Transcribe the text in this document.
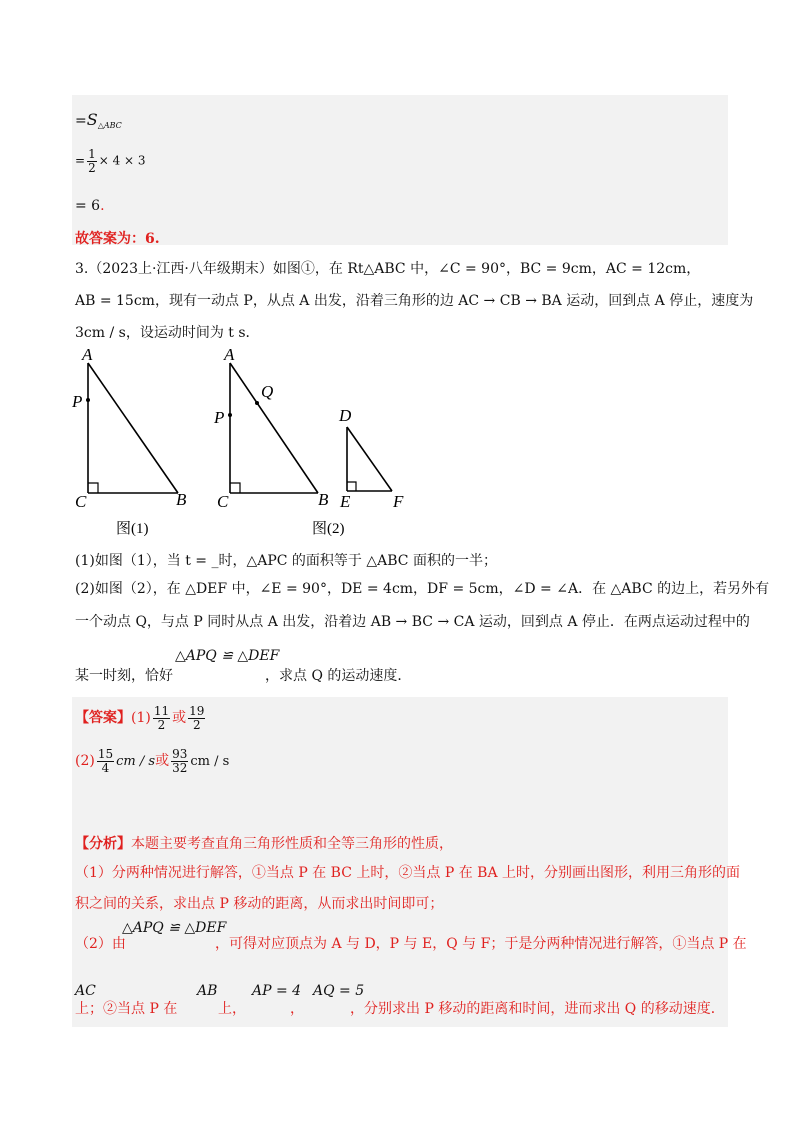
$=S_{\triangle ABC}$
= $\frac{1}{2} \times 4 \times 3$
= 6.
故答案为：6.
3.（2023上·江西·八年级期末）如图①，在 Rt△ABC 中，∠C = 90°，BC = 9cm，AC = 12cm，
AB = 15cm，现有一动点 P，从点 A 出发，沿着三角形的边 AC → CB → BA 运动，回到点 A 停止，速度为
3cm / s，设运动时间为 t s．
A
P
C	B
图(1)
A
Q
P
C	B
图(2)
D
E	F
(1)如图（1），当 t = _时，△APC 的面积等于 △ABC 面积的一半；
(2)如图（2），在 △DEF 中，∠E = 90°，DE = 4cm，DF = 5cm，∠D = ∠A．在 △ABC 的边上，若另外有
一个动点 Q，与点 P 同时从点 A 出发，沿着边 AB → BC → CA 运动，回到点 A 停止．在两点运动过程中的
某一时刻，恰好
△APQ ≌ △DEF
，求点 Q 的运动速度．
【答案】$(1) \frac{11}{2}$ 或 $\frac{19}{2}$
$(2) \frac{15}{4}$ cm / s或 $\frac{93}{32}$ cm / s
【分析】本题主要考查直角三角形性质和全等三角形的性质，
（1）分两种情况进行解答，①当点 P 在 BC 上时，②当点 P 在 BA 上时，分别画出图形，利用三角形的面
积之间的关系，求出点 P 移动的距离，从而求出时间即可；
（2）由
△APQ ≌ △DEF
，可得对应顶点为 A 与 D，P 与 E，Q 与 F；于是分两种情况进行解答，①当点 P 在
AC
上；②当点 P 在
AB
上，
AP = 4
，
AQ = 5
，分别求出 P 移动的距离和时间，进而求出 Q 的移动速度．
